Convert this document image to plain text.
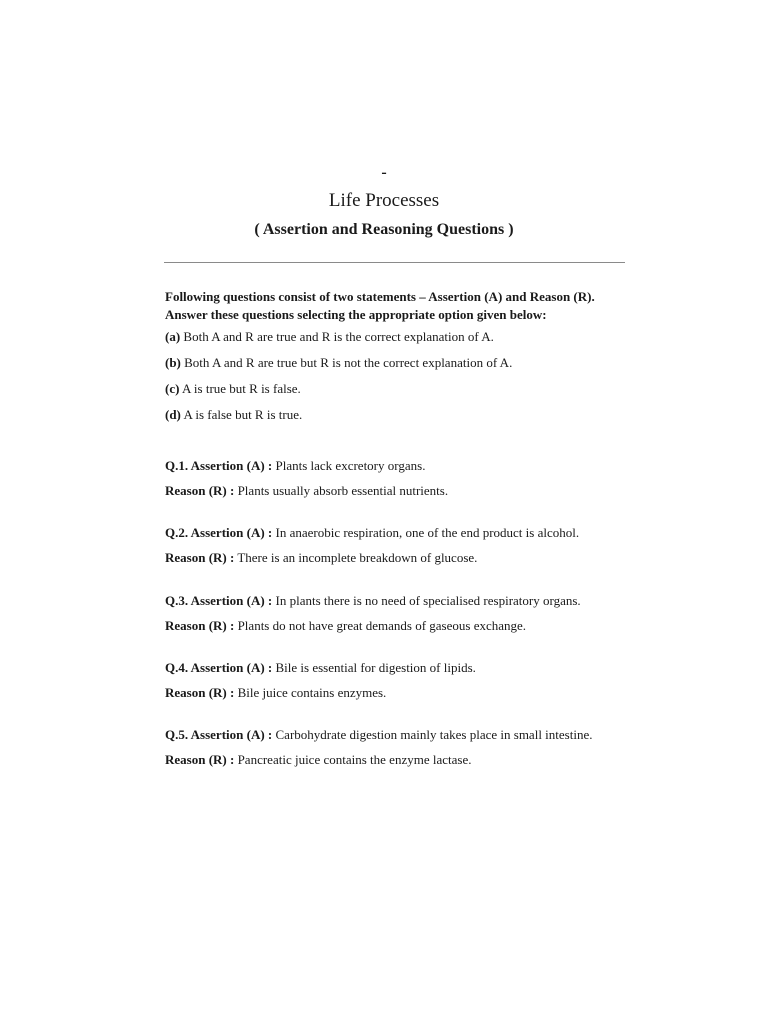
-
Life Processes
( Assertion and Reasoning Questions )
Following questions consist of two statements – Assertion (A) and Reason (R).
Answer these questions selecting the appropriate option given below:
(a) Both A and R are true and R is the correct explanation of A.
(b) Both A and R are true but R is not the correct explanation of A.
(c) A is true but R is false.
(d) A is false but R is true.
Q.1. Assertion (A) : Plants lack excretory organs.
Reason (R) : Plants usually absorb essential nutrients.
Q.2. Assertion (A) : In anaerobic respiration, one of the end product is alcohol.
Reason (R) : There is an incomplete breakdown of glucose.
Q.3. Assertion (A) : In plants there is no need of specialised respiratory organs.
Reason (R) : Plants do not have great demands of gaseous exchange.
Q.4. Assertion (A) : Bile is essential for digestion of lipids.
Reason (R) : Bile juice contains enzymes.
Q.5. Assertion (A) : Carbohydrate digestion mainly takes place in small intestine.
Reason (R) : Pancreatic juice contains the enzyme lactase.
